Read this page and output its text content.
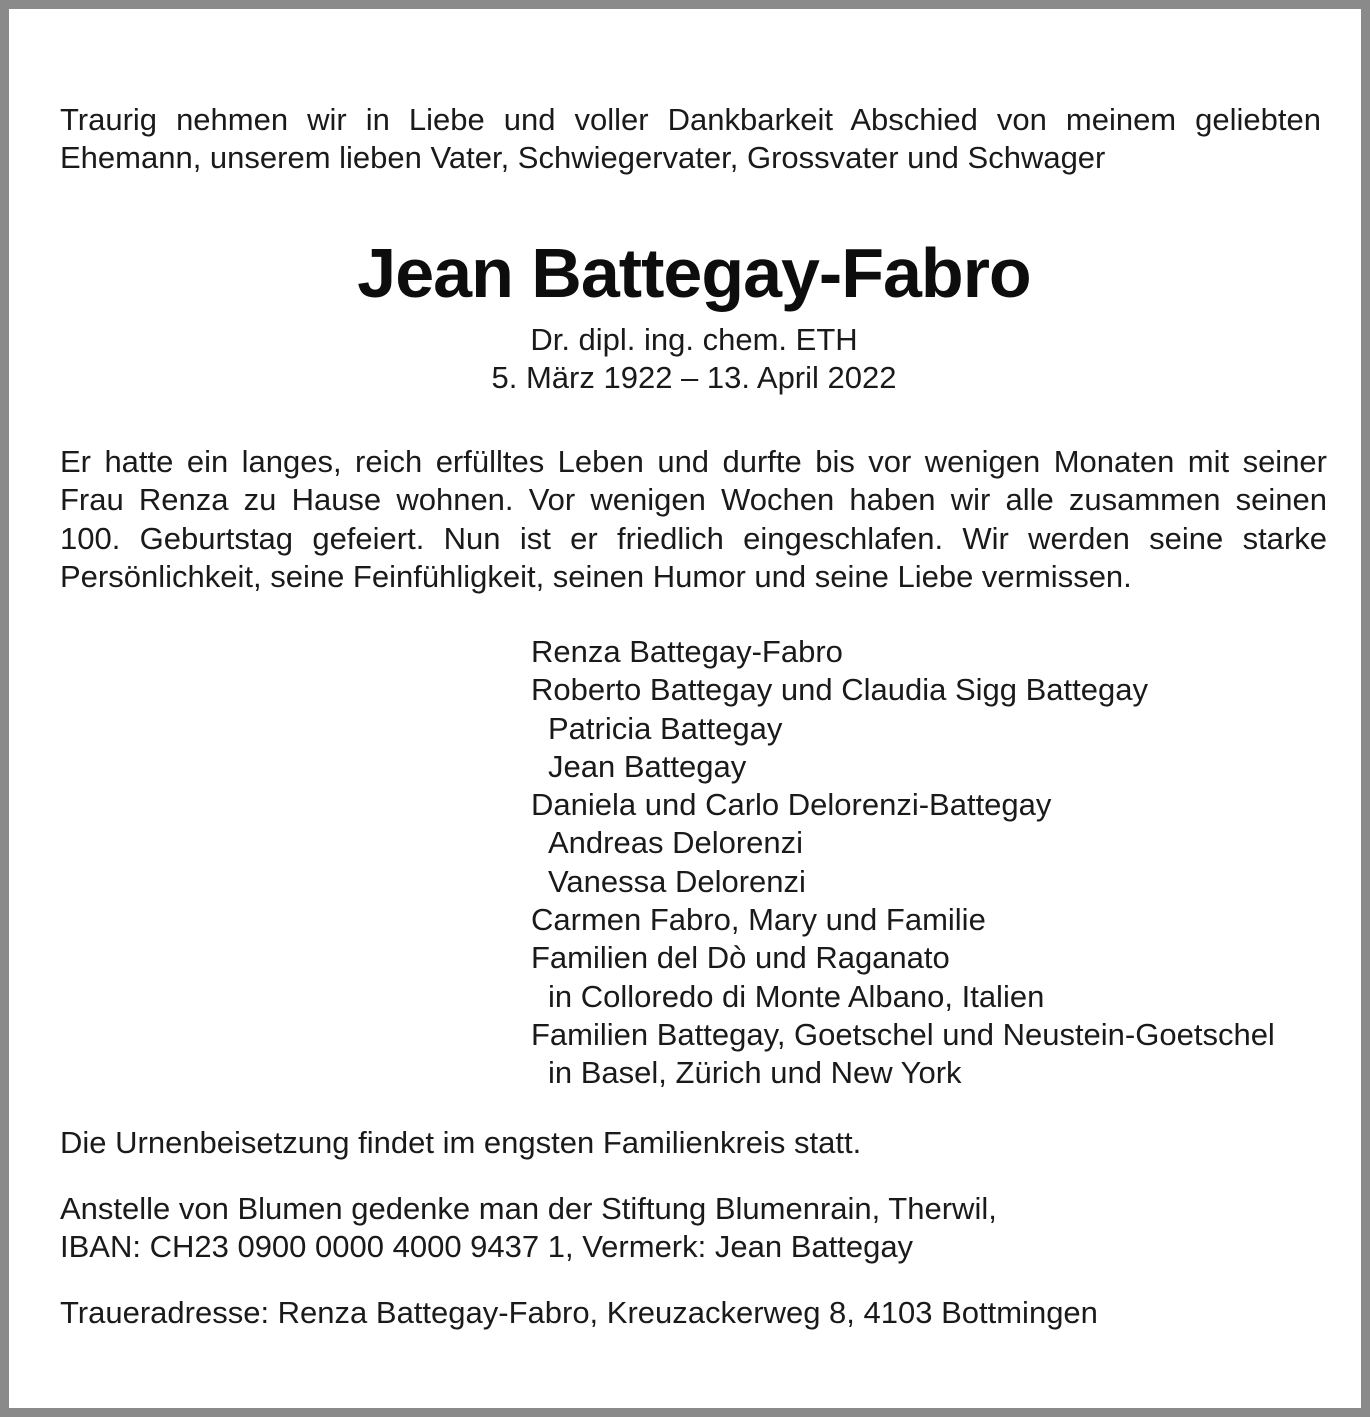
Traurig nehmen wir in Liebe und voller Dankbarkeit Abschied von meinem geliebten
Ehemann, unserem lieben Vater, Schwiegervater, Grossvater und Schwager

Jean Battegay-Fabro

Dr. dipl. ing. chem. ETH

5. März 1922 – 13. April 2022

Er hatte ein langes, reich erfülltes Leben und durfte bis vor wenigen Monaten mit seiner
Frau Renza zu Hause wohnen. Vor wenigen Wochen haben wir alle zusammen seinen
100. Geburtstag gefeiert. Nun ist er friedlich eingeschlafen. Wir werden seine starke
Persönlichkeit, seine Feinfühligkeit, seinen Humor und seine Liebe vermissen.

Renza Battegay-Fabro
Roberto Battegay und Claudia Sigg Battegay
Patricia Battegay
Jean Battegay
Daniela und Carlo Delorenzi-Battegay
Andreas Delorenzi
Vanessa Delorenzi
Carmen Fabro, Mary und Familie
Familien del Dò und Raganato
in Colloredo di Monte Albano, Italien
Familien Battegay, Goetschel und Neustein-Goetschel
in Basel, Zürich und New York

Die Urnenbeisetzung findet im engsten Familienkreis statt.

Anstelle von Blumen gedenke man der Stiftung Blumenrain, Therwil,
IBAN: CH23 0900 0000 4000 9437 1, Vermerk: Jean Battegay

Traueradresse: Renza Battegay-Fabro, Kreuzackerweg 8, 4103 Bottmingen
